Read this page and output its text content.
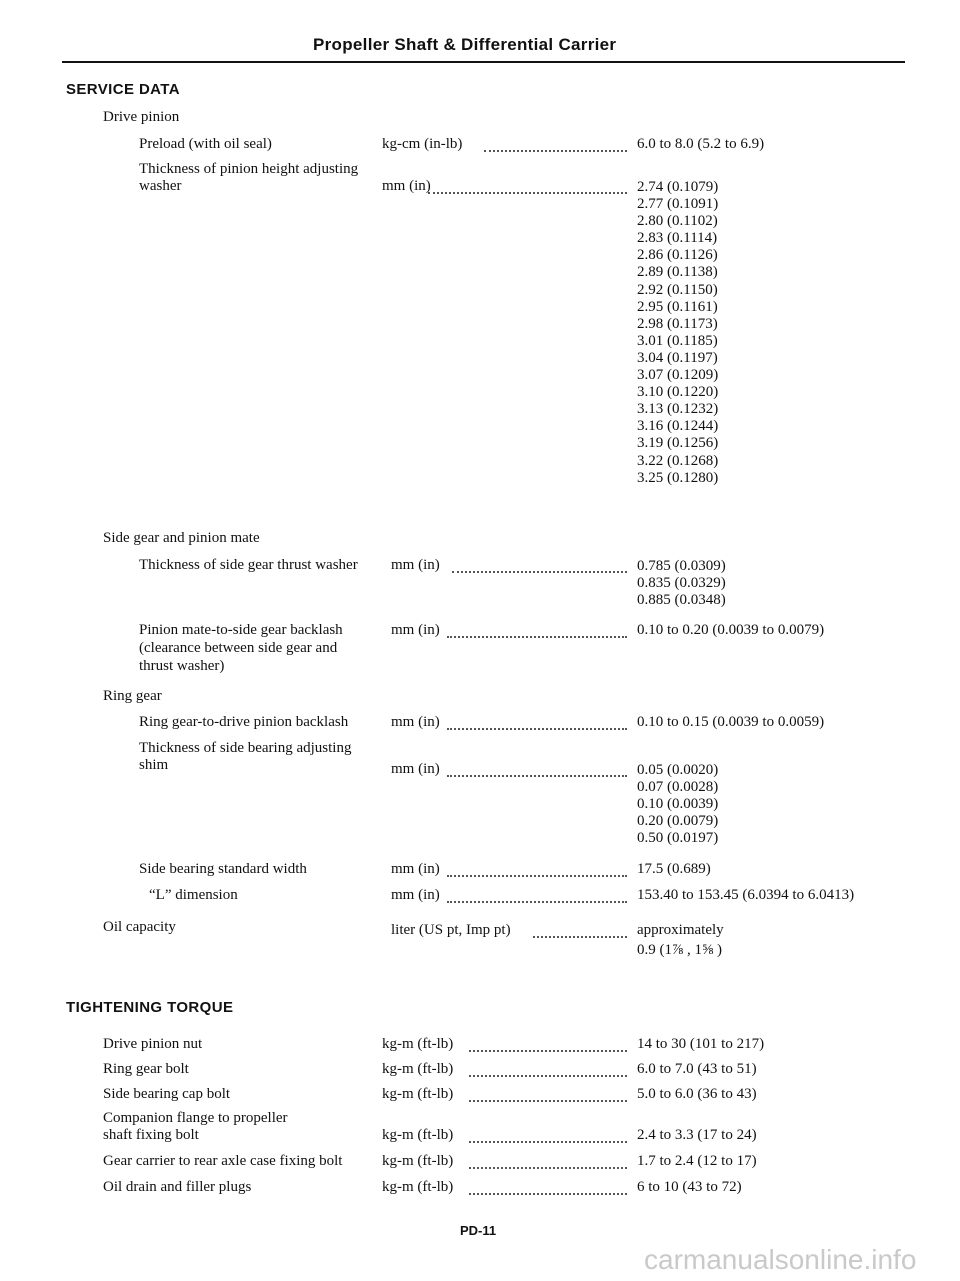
Propeller Shaft & Differential Carrier
SERVICE DATA
Drive pinion
Preload (with oil seal)	kg-cm (in-lb)	6.0 to 8.0 (5.2 to 6.9)
Thickness of pinion height adjusting
washer	mm (in)	2.74 (0.1079)
2.77 (0.1091)
2.80 (0.1102)
2.83 (0.1114)
2.86 (0.1126)
2.89 (0.1138)
2.92 (0.1150)
2.95 (0.1161)
2.98 (0.1173)
3.01 (0.1185)
3.04 (0.1197)
3.07 (0.1209)
3.10 (0.1220)
3.13 (0.1232)
3.16 (0.1244)
3.19 (0.1256)
3.22 (0.1268)
3.25 (0.1280)
Side gear and pinion mate
Thickness of side gear thrust washer mm (in)	0.785 (0.0309)
0.835 (0.0329)
0.885 (0.0348)
Pinion mate-to-side gear backlash
(clearance between side gear and
thrust washer)
mm (in)	0.10 to 0.20 (0.0039 to 0.0079)
Ring gear
Ring gear-to-drive pinion backlash	mm (in)	0.10 to 0.15 (0.0039 to 0.0059)
Thickness of side bearing adjusting
shim	mm (in)	0.05 (0.0020)
0.07 (0.0028)
0.10 (0.0039)
0.20 (0.0079)
0.50 (0.0197)
Side bearing standard width	mm (in)	17.5 (0.689)
“L” dimension	mm (in)	153.40 to 153.45 (6.0394 to 6.0413)
Oil capacity	liter (US pt, Imp pt)	approximately
0.9 (1⅞ , 1⅝ )
TIGHTENING TORQUE
Drive pinion nut	kg-m (ft-lb)	14 to 30 (101 to 217)
Ring gear bolt	kg-m (ft-lb)	6.0 to 7.0 (43 to 51)
Side bearing cap bolt	kg-m (ft-lb)	5.0 to 6.0 (36 to 43)
Companion flange to propeller
shaft fixing bolt	kg-m (ft-lb)	2.4 to 3.3 (17 to 24)
Gear carrier to rear axle case fixing bolt	kg-m (ft-lb)	1.7 to 2.4 (12 to 17)
Oil drain and filler plugs	kg-m (ft-lb)	6 to 10 (43 to 72)
PD-11
carmanualsonline.info
